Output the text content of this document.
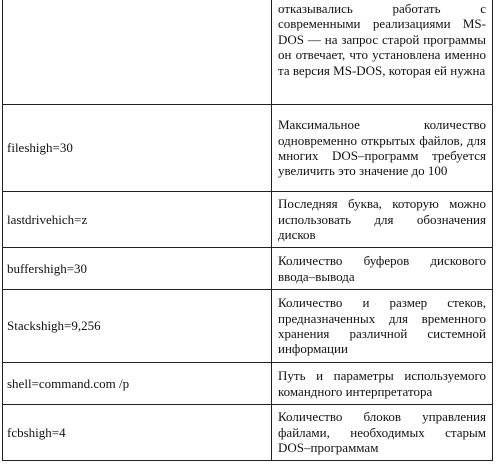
	отказывались работать с современными реализациями MS-DOS — на запрос старой программы он отвечает, что установлена именно та версия MS-DOS, которая ей нужна
fileshigh=30	Максимальное количество одновременно открытых файлов, для многих DOS–программ требуется увеличить это значение до 100
lastdrivehich=z	Последняя буква, которую можно использовать для обозначения дисков
buffershigh=30	Количество буферов дискового ввода–вывода
Stackshigh=9,256	Количество и размер стеков, предназначенных для временного хранения различной системной информации
shell=command.com /p	Путь и параметры используемого командного интерпретатора
fcbshigh=4	Количество блоков управления файлами, необходимых старым DOS–программам
